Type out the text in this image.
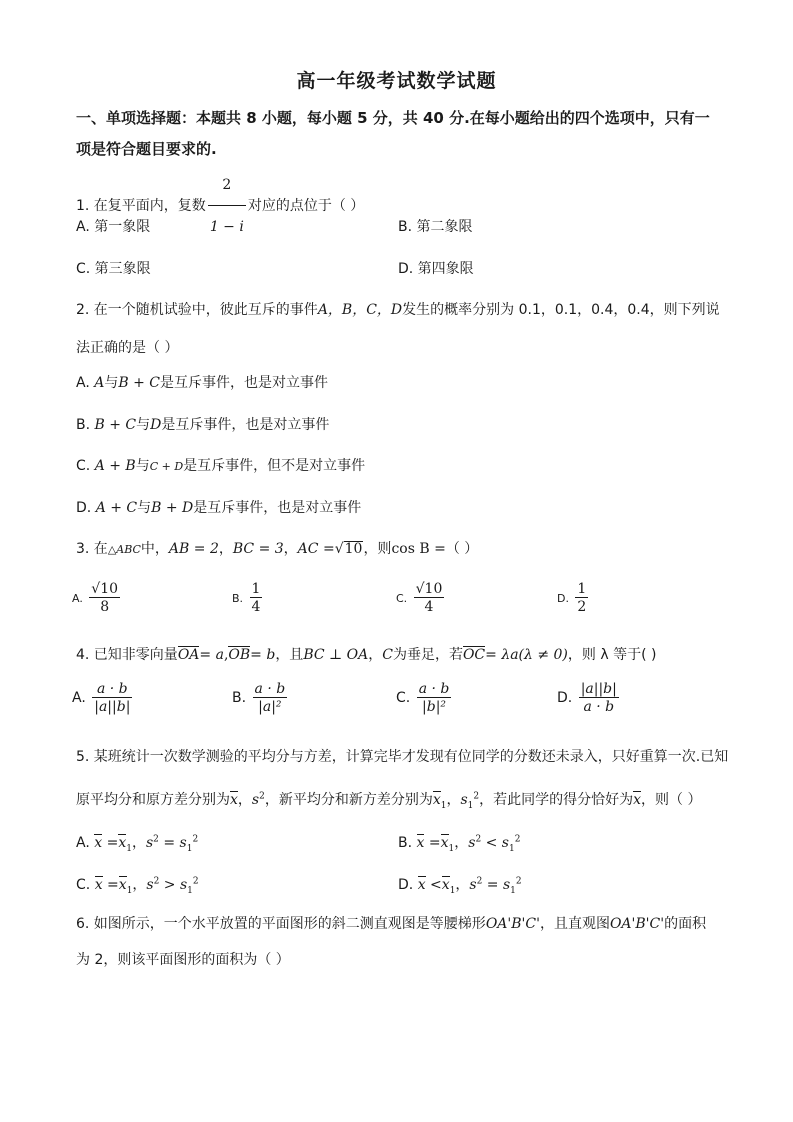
高一年级考试数学试题
一、单项选择题：本题共 8 小题，每小题 5 分，共 40 分.在每小题给出的四个选项中，只有一
项是符合题目要求的.
1. 在复平面内，复数 $\frac{2}{1 - i}$ 对应的点位于（ ）
A. 第一象限	B. 第二象限
C. 第三象限	D. 第四象限
2. 在一个随机试验中，彼此互斥的事件A，B，C，D发生的概率分别为 0.1，0.1，0.4，0.4，则下列说
法正确的是（ ）
A. A与B + C是互斥事件，也是对立事件
B. B + C与D是互斥事件，也是对立事件
C. A + B与C + D是互斥事件，但不是对立事件
D. A + C与B + D是互斥事件，也是对立事件
3. 在△ABC中，AB = 2，BC = 3，AC =√10，则cos B =（ ）
A. $\frac{√10}{8}$	B. $\frac{1}{4}$	C. $\frac{√10}{4}$	D. $\frac{1}{2}$
4. 已知非零向量OA= a,OB= b，且BC ⊥ OA，C为垂足，若OC= λa(λ ≠ 0)，则 λ 等于( )
A. $\frac{a \cdot b}{|a||b|}$	B. $\frac{a \cdot b}{\text{|a|²}}$	C. $\frac{a \cdot b}{\text{|b|²}}$	D. $\frac{|a||b|}{a \cdot b}$
5. 某班统计一次数学测验的平均分与方差，计算完毕才发现有位同学的分数还未录入，只好重算一次.已知
原平均分和原方差分别为x，$s^2$，新平均分和新方差分别为$x_1$，$s_1^2$，若此同学的得分恰好为x，则（ ）
A. $x =x_1$，$s^2 = s_1^2$	B. $x =x_1$，$s^2 < s_1^2$
C. $x =x_1$，$s^2 > s_1^2$	D. $x <x_1$，$s^2 = s_1^2$
6. 如图所示，一个水平放置的平面图形的斜二测直观图是等腰梯形OA'B'C'，且直观图OA'B'C'的面积
为 2，则该平面图形的面积为（ ）
